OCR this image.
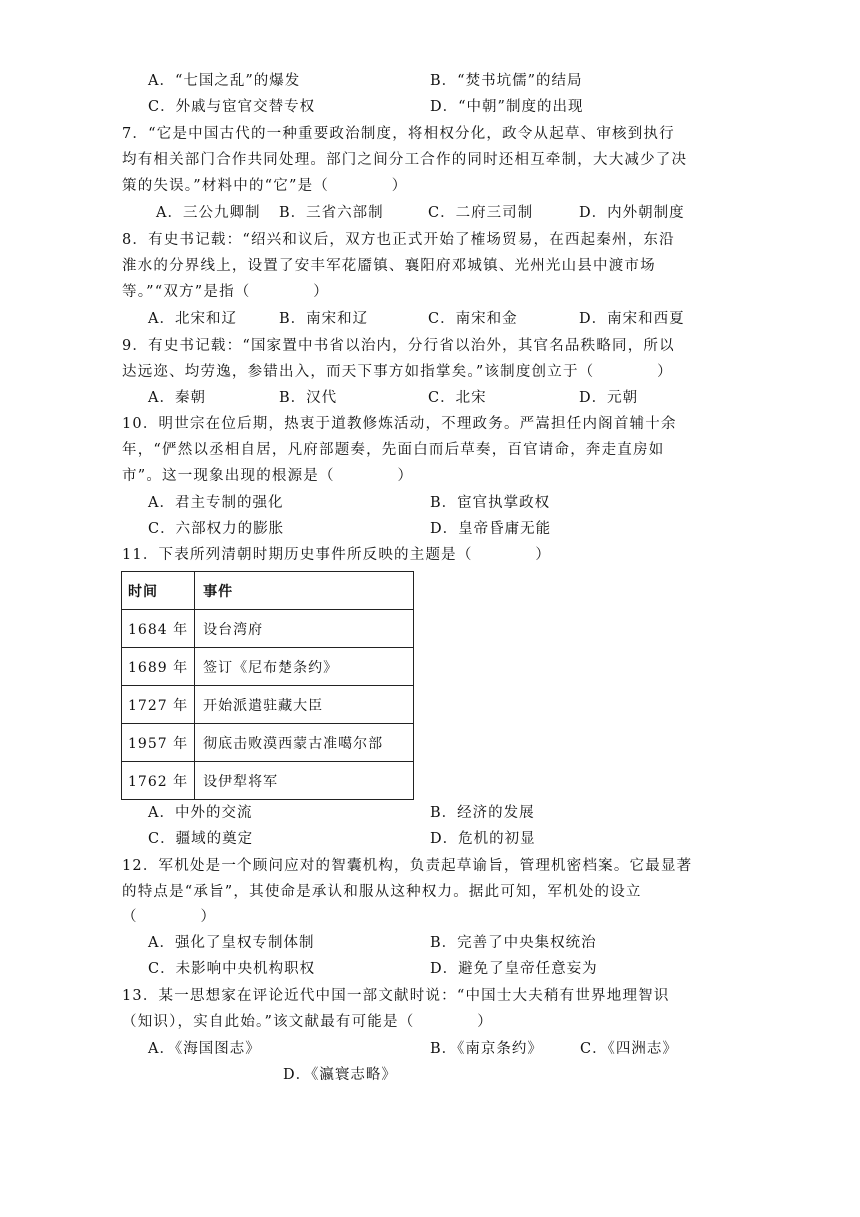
A．“七国之乱”的爆发	B．“焚书坑儒”的结局
C．外戚与宦官交替专权	D．“中朝”制度的出现
7．“它是中国古代的一种重要政治制度，将相权分化，政令从起草、审核到执行
均有相关部门合作共同处理。部门之间分工合作的同时还相互牵制，大大减少了决
策的失误。”材料中的“它”是（　　　　）
A．三公九卿制 B．三省六部制	C．二府三司制	D．内外朝制度
8．有史书记载：“绍兴和议后，双方也正式开始了榷场贸易，在西起秦州，东沿
淮水的分界线上，设置了安丰军花靥镇、襄阳府邓城镇、光州光山县中渡市场
等。”“双方”是指（　　　　）
A．北宋和辽	B．南宋和辽	C．南宋和金	D．南宋和西夏
9．有史书记载：“国家置中书省以治内，分行省以治外，其官名品秩略同，所以
达远迩、均劳逸，参错出入，而天下事方如指掌矣。”该制度创立于（　　　　）
A．秦朝	B．汉代	C．北宋	D．元朝
10．明世宗在位后期，热衷于道教修炼活动，不理政务。严嵩担任内阁首辅十余
年，“俨然以丞相自居，凡府部题奏，先面白而后草奏，百官请命，奔走直房如
市”。这一现象出现的根源是（　　　　）
A．君主专制的强化	B．宦官执掌政权
C．六部权力的膨胀	D．皇帝昏庸无能
11．下表所列清朝时期历史事件所反映的主题是（　　　　）
时间	事件
1684 年	设台湾府
1689 年	签订《尼布楚条约》
1727 年	开始派遣驻藏大臣
1957 年	彻底击败漠西蒙古准噶尔部
1762 年	设伊犁将军
A．中外的交流	B．经济的发展
C．疆域的奠定	D．危机的初显
12．军机处是一个顾问应对的智囊机构，负责起草谕旨，管理机密档案。它最显著
的特点是“承旨”，其使命是承认和服从这种权力。据此可知，军机处的设立
（　　　　）
A．强化了皇权专制体制	B．完善了中央集权统治
C．未影响中央机构职权	D．避免了皇帝任意妄为
13．某一思想家在评论近代中国一部文献时说：“中国士大夫稍有世界地理智识
（知识），实自此始。”该文献最有可能是（　　　　）
A．《海国图志》	B．《南京条约》	C．《四洲志》
D．《瀛寰志略》
